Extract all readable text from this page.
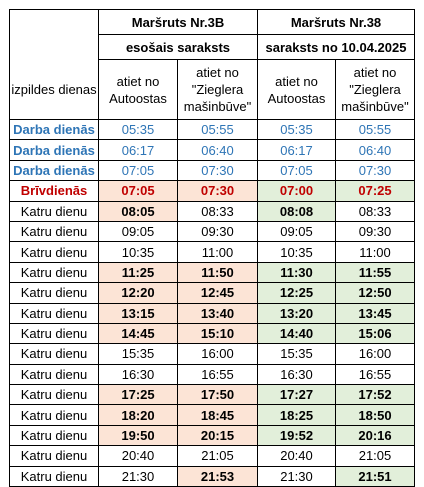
	Maršruts Nr.3B		Maršruts Nr.38	
	esošais saraksts		saraksts no 10.04.2025	
izpildes dienas	atiet no Autoostas	atiet no "Zieglera mašinbūve"	atiet no Autoostas	atiet no "Zieglera mašinbūve"
Darba dienās	05:35	05:55	05:35	05:55
Darba dienās	06:17	06:40	06:17	06:40
Darba dienās	07:05	07:30	07:05	07:30
Brīvdienās	07:05	07:30	07:00	07:25
Katru dienu	08:05	08:33	08:08	08:33
Katru dienu	09:05	09:30	09:05	09:30
Katru dienu	10:35	11:00	10:35	11:00
Katru dienu	11:25	11:50	11:30	11:55
Katru dienu	12:20	12:45	12:25	12:50
Katru dienu	13:15	13:40	13:20	13:45
Katru dienu	14:45	15:10	14:40	15:06
Katru dienu	15:35	16:00	15:35	16:00
Katru dienu	16:30	16:55	16:30	16:55
Katru dienu	17:25	17:50	17:27	17:52
Katru dienu	18:20	18:45	18:25	18:50
Katru dienu	19:50	20:15	19:52	20:16
Katru dienu	20:40	21:05	20:40	21:05
Katru dienu	21:30	21:53	21:30	21:51
